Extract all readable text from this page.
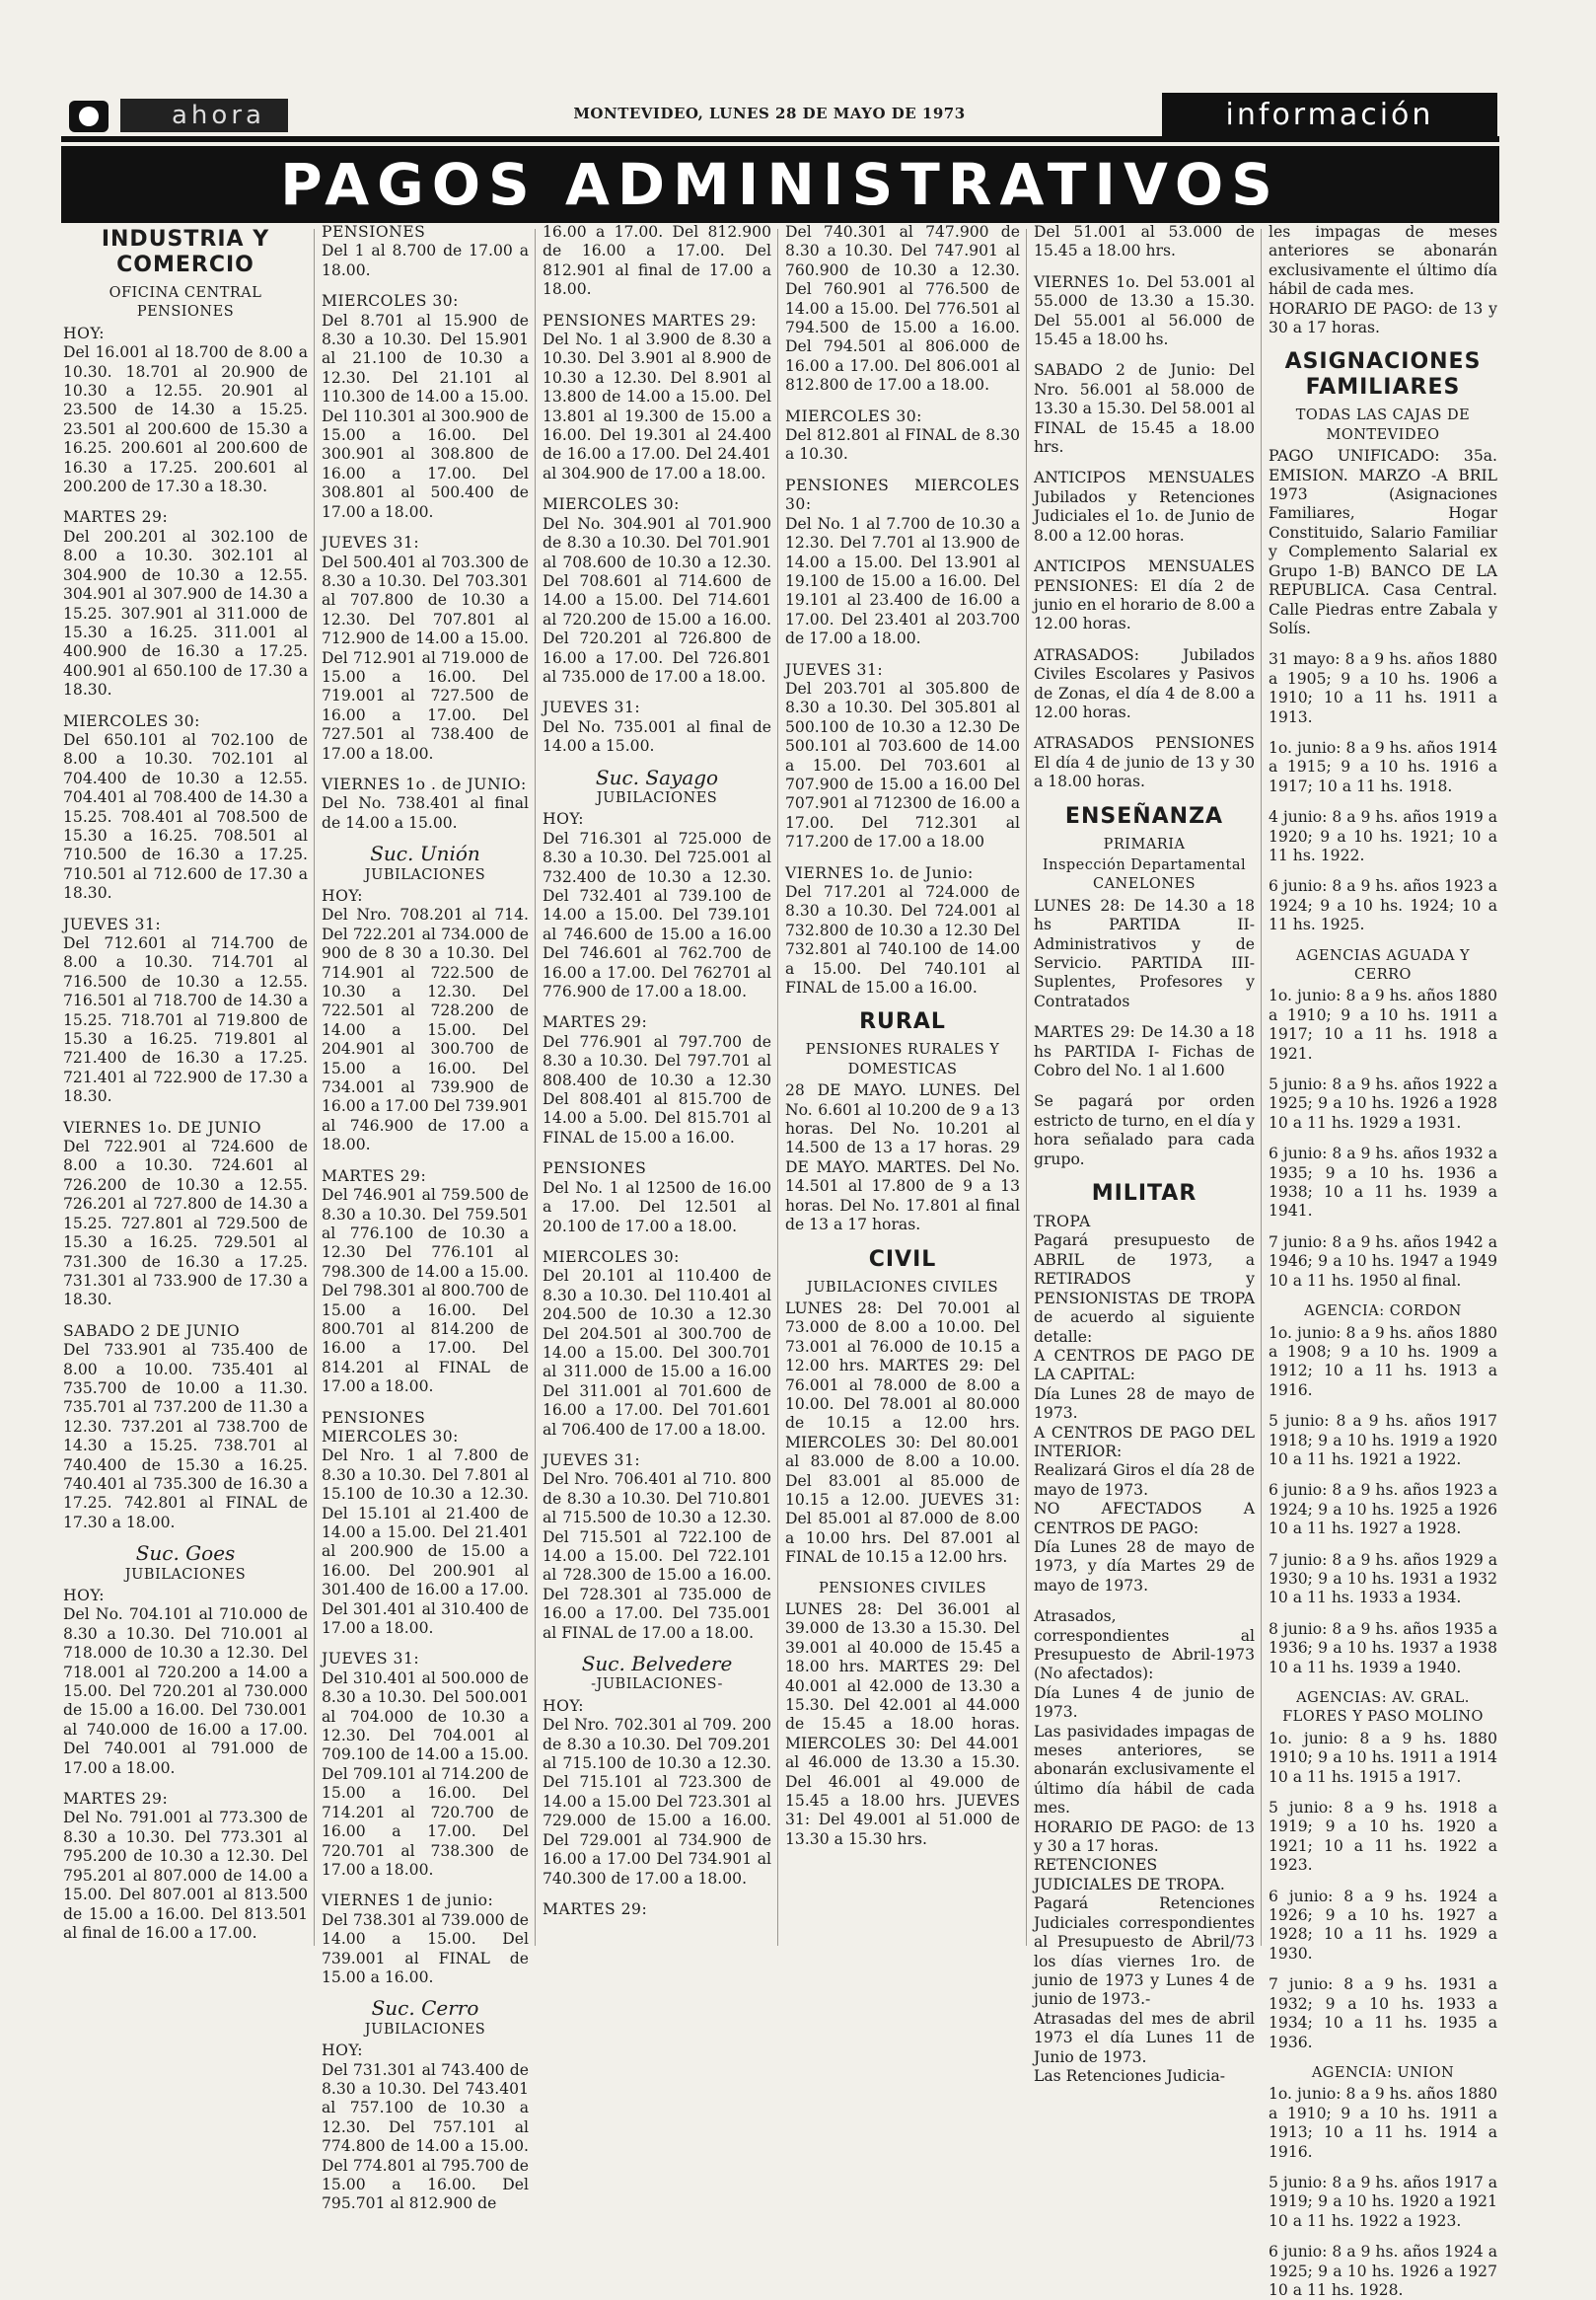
ahora	MONTEVIDEO, LUNES 28 DE MAYO DE 1973	información
PAGOS ADMINISTRATIVOS
INDUSTRIA Y COMERCIO
OFICINA CENTRAL PENSIONES

HOY:

Del 16.001 al 18.700 de 8.00 a 10.30. 18.701 al 20.900 de 10.30 a 12.55. 20.901 al 23.500 de 14.30 a 15.25. 23.501 al 200.600 de 15.30 a 16.25. 200.601 al 200.600 de 16.30 a 17.25. 200.601 al 200.200 de 17.30 a 18.30.

MARTES 29:

Del 200.201 al 302.100 de 8.00 a 10.30. 302.101 al 304.900 de 10.30 a 12.55. 304.901 al 307.900 de 14.30 a 15.25. 307.901 al 311.000 de 15.30 a 16.25. 311.001 al 400.900 de 16.30 a 17.25. 400.901 al 650.100 de 17.30 a 18.30.

MIERCOLES 30:

Del 650.101 al 702.100 de 8.00 a 10.30. 702.101 al 704.400 de 10.30 a 12.55. 704.401 al 708.400 de 14.30 a 15.25. 708.401 al 708.500 de 15.30 a 16.25. 708.501 al 710.500 de 16.30 a 17.25. 710.501 al 712.600 de 17.30 a 18.30.

JUEVES 31:

Del 712.601 al 714.700 de 8.00 a 10.30. 714.701 al 716.500 de 10.30 a 12.55. 716.501 al 718.700 de 14.30 a 15.25. 718.701 al 719.800 de 15.30 a 16.25. 719.801 al 721.400 de 16.30 a 17.25. 721.401 al 722.900 de 17.30 a 18.30.

VIERNES 1o. DE JUNIO

Del 722.901 al 724.600 de 8.00 a 10.30. 724.601 al 726.200 de 10.30 a 12.55. 726.201 al 727.800 de 14.30 a 15.25. 727.801 al 729.500 de 15.30 a 16.25. 729.501 al 731.300 de 16.30 a 17.25. 731.301 al 733.900 de 17.30 a 18.30.

SABADO 2 DE JUNIO

Del 733.901 al 735.400 de 8.00 a 10.00. 735.401 al 735.700 de 10.00 a 11.30. 735.701 al 737.200 de 11.30 a 12.30. 737.201 al 738.700 de 14.30 a 15.25. 738.701 al 740.400 de 15.30 a 16.25. 740.401 al 735.300 de 16.30 a 17.25. 742.801 al FINAL de 17.30 a 18.00.

Suc. Goes
JUBILACIONES

HOY:

Del No. 704.101 al 710.000 de 8.30 a 10.30. Del 710.001 al 718.000 de 10.30 a 12.30. Del 718.001 al 720.200 a 14.00 a 15.00. Del 720.201 al 730.000 de 15.00 a 16.00. Del 730.001 al 740.000 de 16.00 a 17.00. Del 740.001 al 791.000 de 17.00 a 18.00.

MARTES 29:

Del No. 791.001 al 773.300 de 8.30 a 10.30. Del 773.301 al 795.200 de 10.30 a 12.30. Del 795.201 al 807.000 de 14.00 a 15.00. Del 807.001 al 813.500 de 15.00 a 16.00. Del 813.501 al final de 16.00 a 17.00.

PENSIONES

Del 1 al 8.700 de 17.00 a 18.00.

MIERCOLES 30:

Del 8.701 al 15.900 de 8.30 a 10.30. Del 15.901 al 21.100 de 10.30 a 12.30. Del 21.101 al 110.300 de 14.00 a 15.00. Del 110.301 al 300.900 de 15.00 a 16.00. Del 300.901 al 308.800 de 16.00 a 17.00. Del 308.801 al 500.400 de 17.00 a 18.00.

JUEVES 31:

Del 500.401 al 703.300 de 8.30 a 10.30. Del 703.301 al 707.800 de 10.30 a 12.30. Del 707.801 al 712.900 de 14.00 a 15.00. Del 712.901 al 719.000 de 15.00 a 16.00. Del 719.001 al 727.500 de 16.00 a 17.00. Del 727.501 al 738.400 de 17.00 a 18.00.

VIERNES 1o . de JUNIO:

Del No. 738.401 al final de 14.00 a 15.00.

Suc. Unión
JUBILACIONES

HOY:

Del Nro. 708.201 al 714. Del 722.201 al 734.000 de 900 de 8 30 a 10.30. Del 714.901 al 722.500 de 10.30 a 12.30. Del 722.501 al 728.200 de 14.00 a 15.00. Del 204.901 al 300.700 de 15.00 a 16.00. Del 734.001 al 739.900 de 16.00 a 17.00 Del 739.901 al 746.900 de 17.00 a 18.00.

MARTES 29:

Del 746.901 al 759.500 de 8.30 a 10.30. Del 759.501 al 776.100 de 10.30 a 12.30 Del 776.101 al 798.300 de 14.00 a 15.00. Del 798.301 al 800.700 de 15.00 a 16.00. Del 800.701 al 814.200 de 16.00 a 17.00. Del 814.201 al FINAL de 17.00 a 18.00.

PENSIONES MIERCOLES 30:

Del Nro. 1 al 7.800 de 8.30 a 10.30. Del 7.801 al 15.100 de 10.30 a 12.30. Del 15.101 al 21.400 de 14.00 a 15.00. Del 21.401 al 200.900 de 15.00 a 16.00. Del 200.901 al 301.400 de 16.00 a 17.00. Del 301.401 al 310.400 de 17.00 a 18.00.

JUEVES 31:

Del 310.401 al 500.000 de 8.30 a 10.30. Del 500.001 al 704.000 de 10.30 a 12.30. Del 704.001 al 709.100 de 14.00 a 15.00. Del 709.101 al 714.200 de 15.00 a 16.00. Del 714.201 al 720.700 de 16.00 a 17.00. Del 720.701 al 738.300 de 17.00 a 18.00.

VIERNES 1 de junio:

Del 738.301 al 739.000 de 14.00 a 15.00. Del 739.001 al FINAL de 15.00 a 16.00.

Suc. Cerro
JUBILACIONES

HOY:

Del 731.301 al 743.400 de 8.30 a 10.30. Del 743.401 al 757.100 de 10.30 a 12.30. Del 757.101 al 774.800 de 14.00 a 15.00. Del 774.801 al 795.700 de 15.00 a 16.00. Del 795.701 al 812.900 de

16.00 a 17.00. Del 812.900 de 16.00 a 17.00. Del 812.901 al final de 17.00 a 18.00.

PENSIONES MARTES 29:

Del No. 1 al 3.900 de 8.30 a 10.30. Del 3.901 al 8.900 de 10.30 a 12.30. Del 8.901 al 13.800 de 14.00 a 15.00. Del 13.801 al 19.300 de 15.00 a 16.00. Del 19.301 al 24.400 de 16.00 a 17.00. Del 24.401 al 304.900 de 17.00 a 18.00.

MIERCOLES 30:

Del No. 304.901 al 701.900 de 8.30 a 10.30. Del 701.901 al 708.600 de 10.30 a 12.30. Del 708.601 al 714.600 de 14.00 a 15.00. Del 714.601 al 720.200 de 15.00 a 16.00. Del 720.201 al 726.800 de 16.00 a 17.00. Del 726.801 al 735.000 de 17.00 a 18.00.

JUEVES 31:

Del No. 735.001 al final de 14.00 a 15.00.

Suc. Sayago
JUBILACIONES

HOY:

Del 716.301 al 725.000 de 8.30 a 10.30. Del 725.001 al 732.400 de 10.30 a 12.30. Del 732.401 al 739.100 de 14.00 a 15.00. Del 739.101 al 746.600 de 15.00 a 16.00 Del 746.601 al 762.700 de 16.00 a 17.00. Del 762701 al 776.900 de 17.00 a 18.00.

MARTES 29:

Del 776.901 al 797.700 de 8.30 a 10.30. Del 797.701 al 808.400 de 10.30 a 12.30 Del 808.401 al 815.700 de 14.00 a 5.00. Del 815.701 al FINAL de 15.00 a 16.00.

PENSIONES

Del No. 1 al 12500 de 16.00 a 17.00. Del 12.501 al 20.100 de 17.00 a 18.00.

MIERCOLES 30:

Del 20.101 al 110.400 de 8.30 a 10.30. Del 110.401 al 204.500 de 10.30 a 12.30 Del 204.501 al 300.700 de 14.00 a 15.00. Del 300.701 al 311.000 de 15.00 a 16.00 Del 311.001 al 701.600 de 16.00 a 17.00. Del 701.601 al 706.400 de 17.00 a 18.00.

JUEVES 31:

Del Nro. 706.401 al 710. 800 de 8.30 a 10.30. Del 710.801 al 715.500 de 10.30 a 12.30. Del 715.501 al 722.100 de 14.00 a 15.00. Del 722.101 al 728.300 de 15.00 a 16.00. Del 728.301 al 735.000 de 16.00 a 17.00. Del 735.001 al FINAL de 17.00 a 18.00.

Suc. Belvedere
-JUBILACIONES-

HOY:

Del Nro. 702.301 al 709. 200 de 8.30 a 10.30. Del 709.201 al 715.100 de 10.30 a 12.30. Del 715.101 al 723.300 de 14.00 a 15.00 Del 723.301 al 729.000 de 15.00 a 16.00. Del 729.001 al 734.900 de 16.00 a 17.00 Del 734.901 al 740.300 de 17.00 a 18.00.

MARTES 29:

Del 740.301 al 747.900 de 8.30 a 10.30. Del 747.901 al 760.900 de 10.30 a 12.30. Del 760.901 al 776.500 de 14.00 a 15.00. Del 776.501 al 794.500 de 15.00 a 16.00. Del 794.501 al 806.000 de 16.00 a 17.00. Del 806.001 al 812.800 de 17.00 a 18.00.

MIERCOLES 30:

Del 812.801 al FINAL de 8.30 a 10.30.

PENSIONES MIERCOLES 30:

Del No. 1 al 7.700 de 10.30 a 12.30. Del 7.701 al 13.900 de 14.00 a 15.00. Del 13.901 al 19.100 de 15.00 a 16.00. Del 19.101 al 23.400 de 16.00 a 17.00. Del 23.401 al 203.700 de 17.00 a 18.00.

JUEVES 31:

Del 203.701 al 305.800 de 8.30 a 10.30. Del 305.801 al 500.100 de 10.30 a 12.30 De 500.101 al 703.600 de 14.00 a 15.00. Del 703.601 al 707.900 de 15.00 a 16.00 Del 707.901 al 712300 de 16.00 a 17.00. Del 712.301 al 717.200 de 17.00 a 18.00

VIERNES 1o. de Junio:

Del 717.201 al 724.000 de 8.30 a 10.30. Del 724.001 al 732.800 de 10.30 a 12.30 Del 732.801 al 740.100 de 14.00 a 15.00. Del 740.101 al FINAL de 15.00 a 16.00.

RURAL
PENSIONES RURALES Y DOMESTICAS

28 DE MAYO. LUNES. Del No. 6.601 al 10.200 de 9 a 13 horas. Del No. 10.201 al 14.500 de 13 a 17 horas. 29 DE MAYO. MARTES. Del No. 14.501 al 17.800 de 9 a 13 horas. Del No. 17.801 al final de 13 a 17 horas.

CIVIL
JUBILACIONES CIVILES

LUNES 28: Del 70.001 al 73.000 de 8.00 a 10.00. Del 73.001 al 76.000 de 10.15 a 12.00 hrs. MARTES 29: Del 76.001 al 78.000 de 8.00 a 10.00. Del 78.001 al 80.000 de 10.15 a 12.00 hrs. MIERCOLES 30: Del 80.001 al 83.000 de 8.00 a 10.00. Del 83.001 al 85.000 de 10.15 a 12.00. JUEVES 31: Del 85.001 al 87.000 de 8.00 a 10.00 hrs. Del 87.001 al FINAL de 10.15 a 12.00 hrs.

PENSIONES CIVILES

LUNES 28: Del 36.001 al 39.000 de 13.30 a 15.30. Del 39.001 al 40.000 de 15.45 a 18.00 hrs. MARTES 29: Del 40.001 al 42.000 de 13.30 a 15.30. Del 42.001 al 44.000 de 15.45 a 18.00 horas. MIERCOLES 30: Del 44.001 al 46.000 de 13.30 a 15.30. Del 46.001 al 49.000 de 15.45 a 18.00 hrs. JUEVES 31: Del 49.001 al 51.000 de 13.30 a 15.30 hrs.

Del 51.001 al 53.000 de 15.45 a 18.00 hrs.

VIERNES 1o. Del 53.001 al 55.000 de 13.30 a 15.30. Del 55.001 al 56.000 de 15.45 a 18.00 hs.

SABADO 2 de Junio: Del Nro. 56.001 al 58.000 de 13.30 a 15.30. Del 58.001 al FINAL de 15.45 a 18.00 hrs.

ANTICIPOS MENSUALES Jubilados y Retenciones Judiciales el 1o. de Junio de 8.00 a 12.00 horas.

ANTICIPOS MENSUALES PENSIONES: El día 2 de junio en el horario de 8.00 a 12.00 horas.

ATRASADOS: Jubilados Civiles Escolares y Pasivos de Zonas, el día 4 de 8.00 a 12.00 horas.

ATRASADOS PENSIONES El día 4 de junio de 13 y 30 a 18.00 horas.

ENSEÑANZA
PRIMARIA
Inspección Departamental CANELONES

LUNES 28: De 14.30 a 18 hs PARTIDA II- Administrativos y de Servicio. PARTIDA III- Suplentes, Profesores y Contratados

MARTES 29: De 14.30 a 18 hs PARTIDA I- Fichas de Cobro del No. 1 al 1.600

Se pagará por orden estricto de turno, en el día y hora señalado para cada grupo.

MILITAR

TROPA

Pagará presupuesto de ABRIL de 1973, a RETIRADOS y PENSIONISTAS DE TROPA de acuerdo al siguiente detalle:

A CENTROS DE PAGO DE LA CAPITAL:

Día Lunes 28 de mayo de 1973.

A CENTROS DE PAGO DEL INTERIOR:

Realizará Giros el día 28 de mayo de 1973.

NO AFECTADOS A CENTROS DE PAGO:

Día Lunes 28 de mayo de 1973, y día Martes 29 de mayo de 1973.

Atrasados, correspondientes al Presupuesto de Abril-1973 (No afectados):

Día Lunes 4 de junio de 1973.

Las pasividades impagas de meses anteriores, se abonarán exclusivamente el último día hábil de cada mes.

HORARIO DE PAGO: de 13 y 30 a 17 horas.

RETENCIONES JUDICIALES DE TROPA.

Pagará Retenciones Judiciales correspondientes al Presupuesto de Abril/73 los días viernes 1ro. de junio de 1973 y Lunes 4 de junio de 1973.-

Atrasadas del mes de abril 1973 el día Lunes 11 de Junio de 1973.

Las Retenciones Judicia-

les impagas de meses anteriores se abonarán exclusivamente el último día hábil de cada mes.

HORARIO DE PAGO: de 13 y 30 a 17 horas.

ASIGNACIONES FAMILIARES
TODAS LAS CAJAS DE MONTEVIDEO

PAGO UNIFICADO: 35a. EMISION. MARZO -A BRIL 1973 (Asignaciones Familiares, Hogar Constituido, Salario Familiar y Complemento Salarial ex Grupo 1-B) BANCO DE LA REPUBLICA. Casa Central. Calle Piedras entre Zabala y Solís.

31 mayo: 8 a 9 hs. años 1880 a 1905; 9 a 10 hs. 1906 a 1910; 10 a 11 hs. 1911 a 1913.

1o. junio: 8 a 9 hs. años 1914 a 1915; 9 a 10 hs. 1916 a 1917; 10 a 11 hs. 1918.

4 junio: 8 a 9 hs. años 1919 a 1920; 9 a 10 hs. 1921; 10 a 11 hs. 1922.

6 junio: 8 a 9 hs. años 1923 a 1924; 9 a 10 hs. 1924; 10 a 11 hs. 1925.

AGENCIAS AGUADA Y CERRO

1o. junio: 8 a 9 hs. años 1880 a 1910; 9 a 10 hs. 1911 a 1917; 10 a 11 hs. 1918 a 1921.

5 junio: 8 a 9 hs. años 1922 a 1925; 9 a 10 hs. 1926 a 1928 10 a 11 hs. 1929 a 1931.

6 junio: 8 a 9 hs. años 1932 a 1935; 9 a 10 hs. 1936 a 1938; 10 a 11 hs. 1939 a 1941.

7 junio: 8 a 9 hs. años 1942 a 1946; 9 a 10 hs. 1947 a 1949 10 a 11 hs. 1950 al final.

AGENCIA: CORDON

1o. junio: 8 a 9 hs. años 1880 a 1908; 9 a 10 hs. 1909 a 1912; 10 a 11 hs. 1913 a 1916.

5 junio: 8 a 9 hs. años 1917 1918; 9 a 10 hs. 1919 a 1920 10 a 11 hs. 1921 a 1922.

6 junio: 8 a 9 hs. años 1923 a 1924; 9 a 10 hs. 1925 a 1926 10 a 11 hs. 1927 a 1928.

7 junio: 8 a 9 hs. años 1929 a 1930; 9 a 10 hs. 1931 a 1932 10 a 11 hs. 1933 a 1934.

8 junio: 8 a 9 hs. años 1935 a 1936; 9 a 10 hs. 1937 a 1938 10 a 11 hs. 1939 a 1940.

AGENCIAS: AV. GRAL. FLORES Y PASO MOLINO

1o. junio: 8 a 9 hs. 1880 1910; 9 a 10 hs. 1911 a 1914 10 a 11 hs. 1915 a 1917.

5 junio: 8 a 9 hs. 1918 a 1919; 9 a 10 hs. 1920 a 1921; 10 a 11 hs. 1922 a 1923.

6 junio: 8 a 9 hs. 1924 a 1926; 9 a 10 hs. 1927 a 1928; 10 a 11 hs. 1929 a 1930.

7 junio: 8 a 9 hs. 1931 a 1932; 9 a 10 hs. 1933 a 1934; 10 a 11 hs. 1935 a 1936.

AGENCIA: UNION

1o. junio: 8 a 9 hs. años 1880 a 1910; 9 a 10 hs. 1911 a 1913; 10 a 11 hs. 1914 a 1916.

5 junio: 8 a 9 hs. años 1917 a 1919; 9 a 10 hs. 1920 a 1921 10 a 11 hs. 1922 a 1923.

6 junio: 8 a 9 hs. años 1924 a 1925; 9 a 10 hs. 1926 a 1927 10 a 11 hs. 1928.
